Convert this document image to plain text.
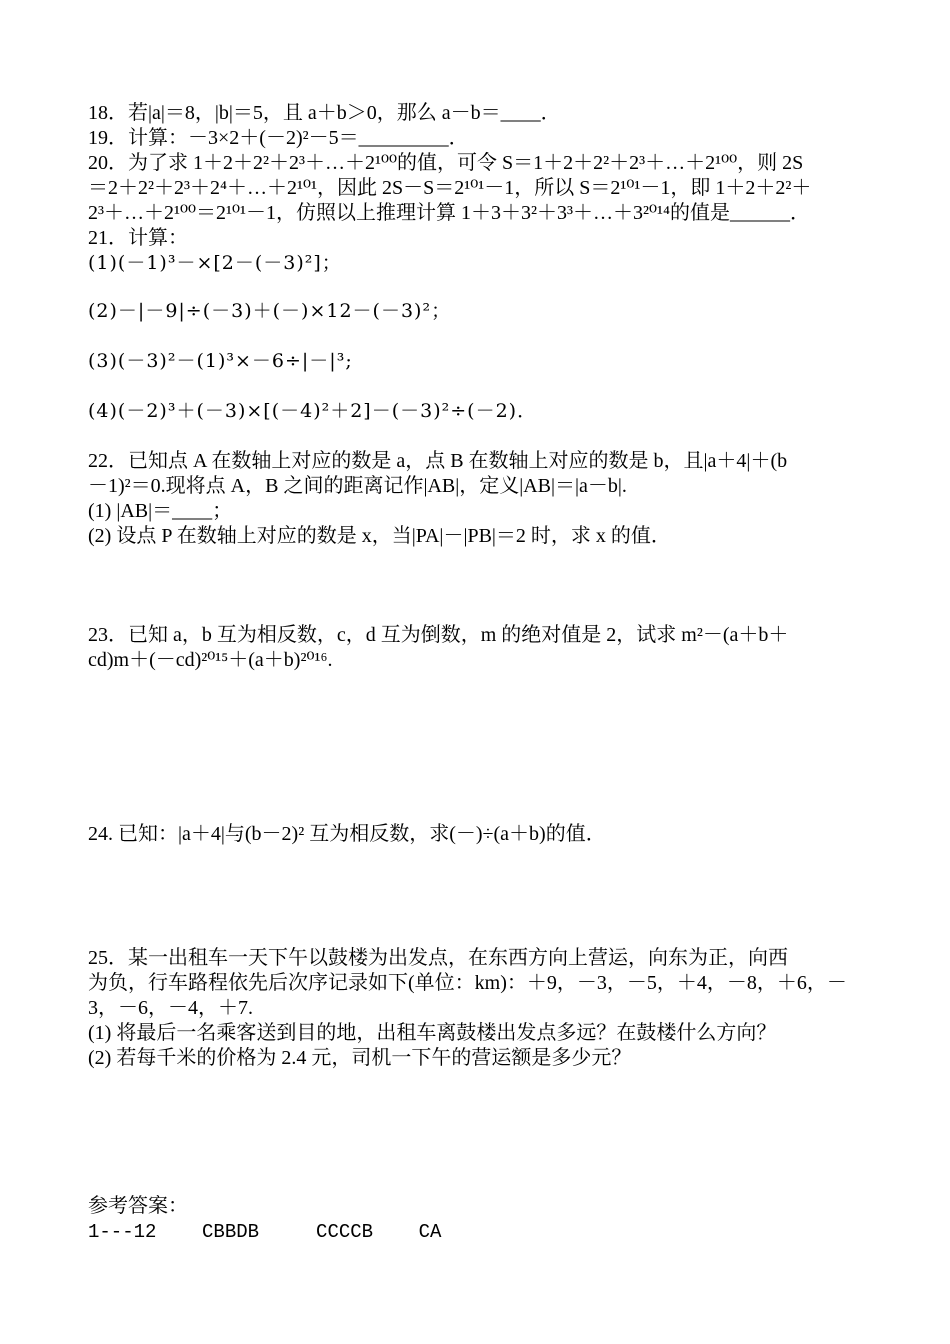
18．若|a|＝8，|b|＝5，且 a＋b＞0，那么 a－b＝____．
19．计算：－3×2＋(－2)²－5＝_________．
20．为了求 1＋2＋2²＋2³＋…＋2¹⁰⁰的值，可令 S＝1＋2＋2²＋2³＋…＋2¹⁰⁰，则 2S
＝2＋2²＋2³＋2⁴＋…＋2¹⁰¹，因此 2S－S＝2¹⁰¹－1，所以 S＝2¹⁰¹－1，即 1＋2＋2²＋
2³＋…＋2¹⁰⁰＝2¹⁰¹－1，仿照以上推理计算 1＋3＋3²＋3³＋…＋3²⁰¹⁴的值是______．
21．计算：
(1)(－1)³－×[2－(－3)²]；
(2)－|－9|÷(－3)＋(－)×12－(－3)²；
(3)(－3)²－(1)³×－6÷|－|³;
(4)(－2)³＋(－3)×[(－4)²＋2]－(－3)²÷(－2)．
22．已知点 A 在数轴上对应的数是 a，点 B 在数轴上对应的数是 b，且|a＋4|＋(b
－1)²＝0.现将点 A，B 之间的距离记作|AB|，定义|AB|＝|a－b|.
(1) |AB|＝____；
(2) 设点 P 在数轴上对应的数是 x，当|PA|－|PB|＝2 时，求 x 的值．
23．已知 a，b 互为相反数，c，d 互为倒数，m 的绝对值是 2，试求 m²－(a＋b＋
cd)m＋(－cd)²⁰¹⁵＋(a＋b)²⁰¹⁶.
24. 已知：|a＋4|与(b－2)² 互为相反数，求(－)÷(a＋b)的值．
25．某一出租车一天下午以鼓楼为出发点，在东西方向上营运，向东为正，向西
为负，行车路程依先后次序记录如下(单位：km)：＋9，－3，－5，＋4，－8，＋6，－
3，－6，－4，＋7.
(1) 将最后一名乘客送到目的地，出租车离鼓楼出发点多远？在鼓楼什么方向？
(2) 若每千米的价格为 2.4 元，司机一下午的营运额是多少元？
参考答案：
1---12    CBBDB     CCCCB    CA
